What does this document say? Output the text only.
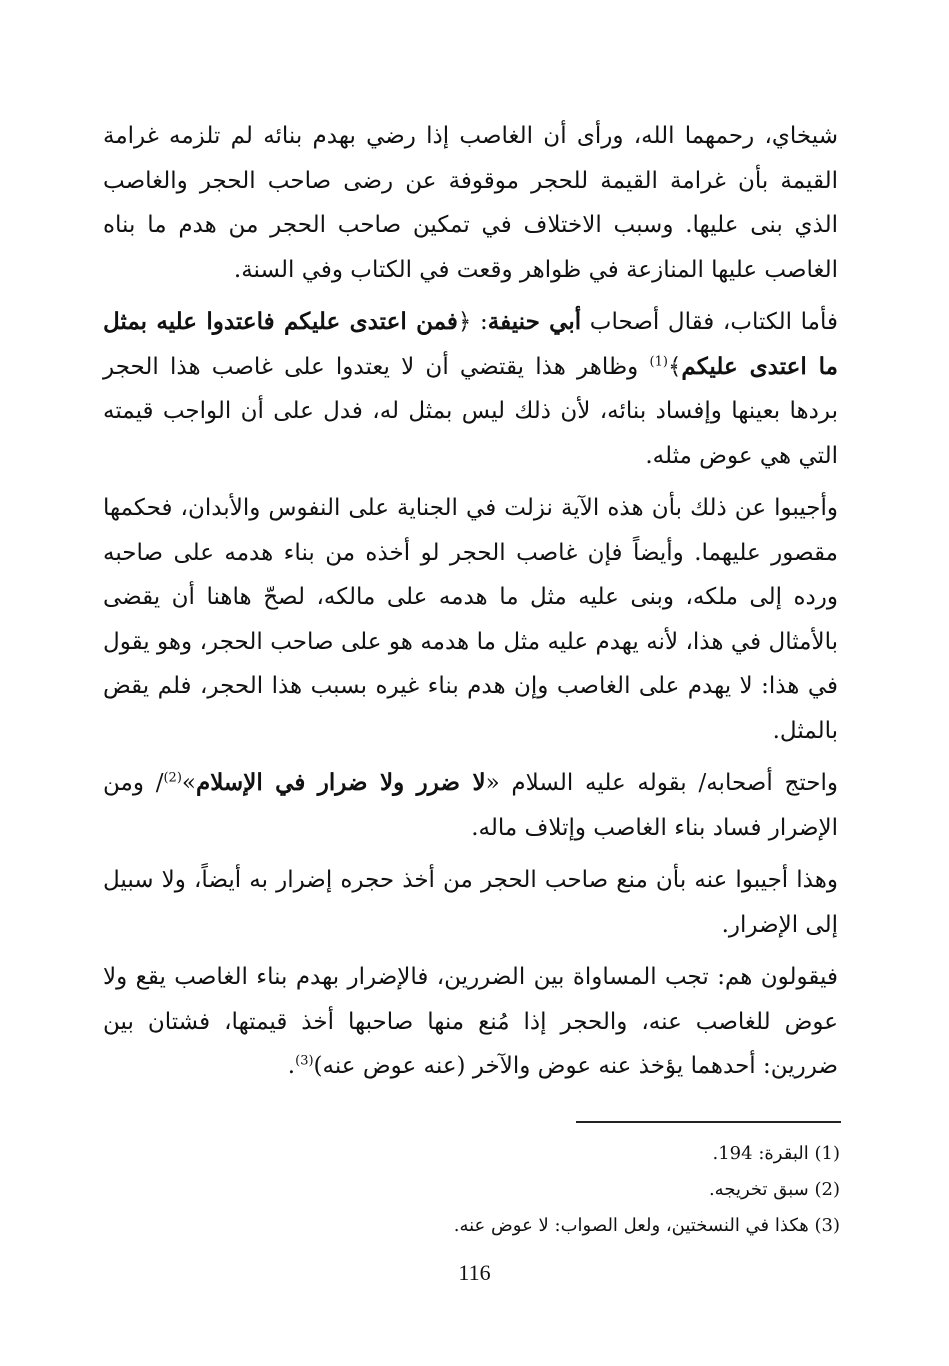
شيخاي، رحمهما الله، ورأى أن الغاصب إذا رضي بهدم بنائه لم تلزمه غرامة القيمة بأن غرامة القيمة للحجر موقوفة عن رضى صاحب الحجر والغاصب الذي بنى عليها. وسبب الاختلاف في تمكين صاحب الحجر من هدم ما بناه الغاصب عليها المنازعة في ظواهر وقعت في الكتاب وفي السنة.

فأما الكتاب، فقال أصحاب أبي حنيفة: ﴿فمن اعتدى عليكم فاعتدوا عليه بمثل ما اعتدى عليكم﴾$^{(1)}$ وظاهر هذا يقتضي أن لا يعتدوا على غاصب هذا الحجر بردها بعينها وإفساد بنائه، لأن ذلك ليس بمثل له، فدل على أن الواجب قيمته التي هي عوض مثله.

وأجيبوا عن ذلك بأن هذه الآية نزلت في الجناية على النفوس والأبدان، فحكمها مقصور عليهما. وأيضاً فإن غاصب الحجر لو أخذه من بناء هدمه على صاحبه ورده إلى ملكه، وبنى عليه مثل ما هدمه على مالكه، لصحّ هاهنا أن يقضى بالأمثال في هذا، لأنه يهدم عليه مثل ما هدمه هو على صاحب الحجر، وهو يقول في هذا: لا يهدم على الغاصب وإن هدم بناء غيره بسبب هذا الحجر، فلم يقض بالمثل.

واحتج أصحابه/ بقوله عليه السلام «لا ضرر ولا ضرار في الإسلام»$^{(2)}$/ ومن الإضرار فساد بناء الغاصب وإتلاف ماله.

وهذا أجيبوا عنه بأن منع صاحب الحجر من أخذ حجره إضرار به أيضاً، ولا سبيل إلى الإضرار.

فيقولون هم: تجب المساواة بين الضررين، فالإضرار بهدم بناء الغاصب يقع ولا عوض للغاصب عنه، والحجر إذا مُنع منها صاحبها أخذ قيمتها، فشتان بين ضررين: أحدهما يؤخذ عنه عوض والآخر (عنه عوض عنه)$^{(3)}$.

(1) البقرة: 194.
(2) سبق تخريجه.
(3) هكذا في النسختين، ولعل الصواب: لا عوض عنه.
116
